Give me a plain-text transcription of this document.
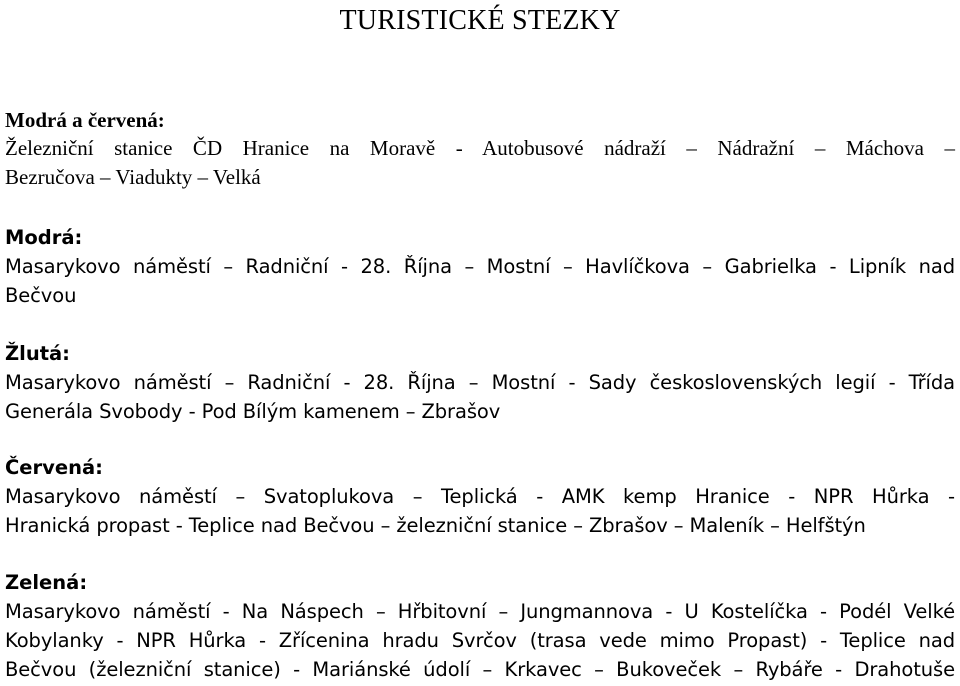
TURISTICKÉ STEZKY

Modrá a červená:

Železniční stanice ČD Hranice na Moravě - Autobusové nádraží – Nádražní – Máchova –
Bezručova – Viadukty – Velká

Modrá:

Masarykovo náměstí – Radniční - 28. Října – Mostní – Havlíčkova – Gabrielka - Lipník nad
Bečvou

Žlutá:

Masarykovo náměstí – Radniční - 28. Října – Mostní - Sady československých legií - Třída
Generála Svobody - Pod Bílým kamenem – Zbrašov

Červená:

Masarykovo náměstí – Svatoplukova – Teplická - AMK kemp Hranice - NPR Hůrka -
Hranická propast - Teplice nad Bečvou – železniční stanice – Zbrašov – Maleník – Helfštýn

Zelená:

Masarykovo náměstí - Na Náspech – Hřbitovní – Jungmannova - U Kostelíčka - Podél Velké
Kobylanky - NPR Hůrka - Zřícenina hradu Svrčov (trasa vede mimo Propast) - Teplice nad
Bečvou (železniční stanice) - Mariánské údolí – Krkavec – Bukoveček – Rybáře - Drahotuše
